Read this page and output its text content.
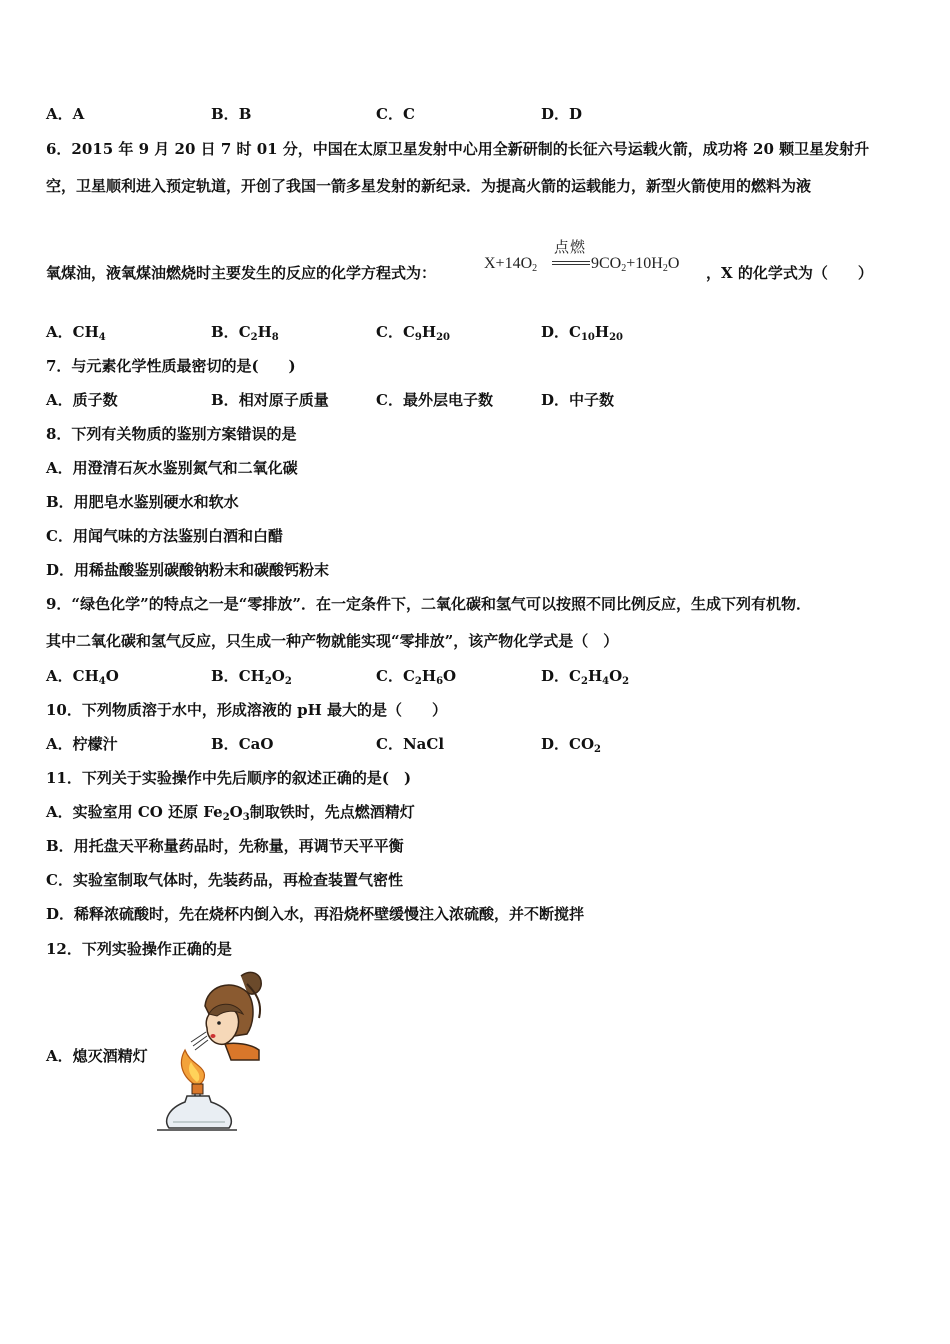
A．A	B．B	C．C	D．D
6．2015 年 9 月 20 日 7 时 01 分，中国在太原卫星发射中心用全新研制的长征六号运载火箭，成功将 20 颗卫星发射升
空，卫星顺利进入预定轨道，开创了我国一箭多星发射的新纪录．为提高火箭的运载能力，新型火箭使用的燃料为液
氧煤油，液氧煤油燃烧时主要发生的反应的化学方程式为：
$X+14O_2$
点燃
$9CO_2+10H_2O$
，X 的化学式为（　　）
A．$CH_4$	B．$C_2H_8$	C．$C_9H_{20}$	D．$C_{10}H_{20}$
7．与元素化学性质最密切的是(　　)
A．质子数	B．相对原子质量	C．最外层电子数	D．中子数
8．下列有关物质的鉴别方案错误的是
A．用澄清石灰水鉴别氮气和二氧化碳
B．用肥皂水鉴别硬水和软水
C．用闻气味的方法鉴别白酒和白醋
D．用稀盐酸鉴别碳酸钠粉末和碳酸钙粉末
9．“绿色化学”的特点之一是“零排放”．在一定条件下，二氧化碳和氢气可以按照不同比例反应，生成下列有机物．
其中二氧化碳和氢气反应，只生成一种产物就能实现“零排放”，该产物化学式是（　）
A．$CH_4O$	B．$CH_2O_2$	C．$C_2H_6O$	D．$C_2H_4O_2$
10．下列物质溶于水中，形成溶液的 pH 最大的是（　　）
A．柠檬汁	B．CaO	C．NaCl	D．$CO_2$
11．下列关于实验操作中先后顺序的叙述正确的是(　)
A．实验室用 CO 还原 $Fe_2O_3$制取铁时，先点燃酒精灯
B．用托盘天平称量药品时，先称量，再调节天平平衡
C．实验室制取气体时，先装药品，再检查装置气密性
D．稀释浓硫酸时，先在烧杯内倒入水，再沿烧杯壁缓慢注入浓硫酸，并不断搅拌
12．下列实验操作正确的是
A．熄灭酒精灯
